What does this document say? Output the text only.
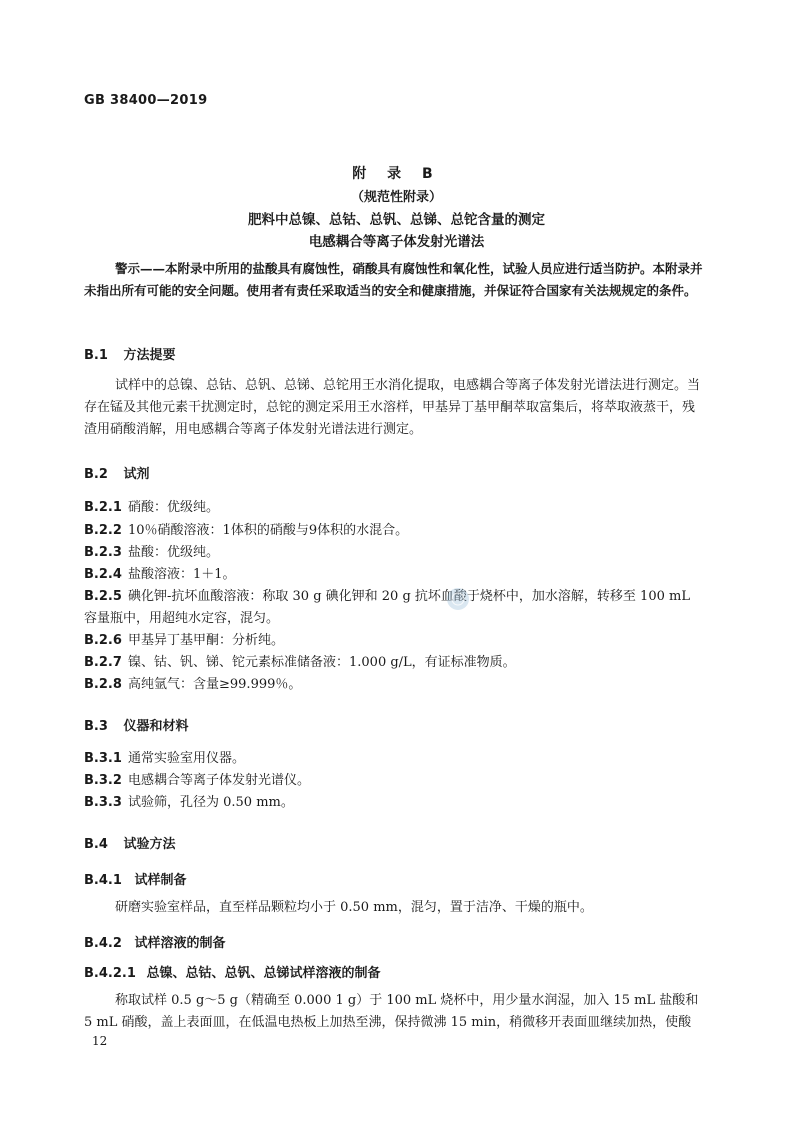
GB 38400—2019
附 录 B
（规范性附录）
肥料中总镍、总钴、总钒、总锑、总铊含量的测定
电感耦合等离子体发射光谱法
警示——本附录中所用的盐酸具有腐蚀性，硝酸具有腐蚀性和氧化性，试验人员应进行适当防护。本附录并未指出所有可能的安全问题。使用者有责任采取适当的安全和健康措施，并保证符合国家有关法规规定的条件。
B.1 方法提要
试样中的总镍、总钴、总钒、总锑、总铊用王水消化提取，电感耦合等离子体发射光谱法进行测定。当存在锰及其他元素干扰测定时，总铊的测定采用王水溶样，甲基异丁基甲酮萃取富集后，将萃取液蒸干，残渣用硝酸消解，用电感耦合等离子体发射光谱法进行测定。
B.2 试剂
B.2.1 硝酸：优级纯。
B.2.2 10％硝酸溶液：1体积的硝酸与9体积的水混合。
B.2.3 盐酸：优级纯。
B.2.4 盐酸溶液：1＋1。
B.2.5 碘化钾-抗坏血酸溶液：称取 30 g 碘化钾和 20 g 抗坏血酸于烧杯中，加水溶解，转移至 100 mL 容量瓶中，用超纯水定容，混匀。
B.2.6 甲基异丁基甲酮：分析纯。
B.2.7 镍、钴、钒、锑、铊元素标准储备液：1.000 g/L，有证标准物质。
B.2.8 高纯氩气：含量≥99.999％。
B.3 仪器和材料
B.3.1 通常实验室用仪器。
B.3.2 电感耦合等离子体发射光谱仪。
B.3.3 试验筛，孔径为 0.50 mm。
B.4 试验方法
B.4.1 试样制备
研磨实验室样品，直至样品颗粒均小于 0.50 mm，混匀，置于洁净、干燥的瓶中。
B.4.2 试样溶液的制备
B.4.2.1 总镍、总钴、总钒、总锑试样溶液的制备
称取试样 0.5 g～5 g（精确至 0.000 1 g）于 100 mL 烧杯中，用少量水润湿，加入 15 mL 盐酸和 5 mL 硝酸，盖上表面皿，在低温电热板上加热至沸，保持微沸 15 min，稍微移开表面皿继续加热，使酸
12
